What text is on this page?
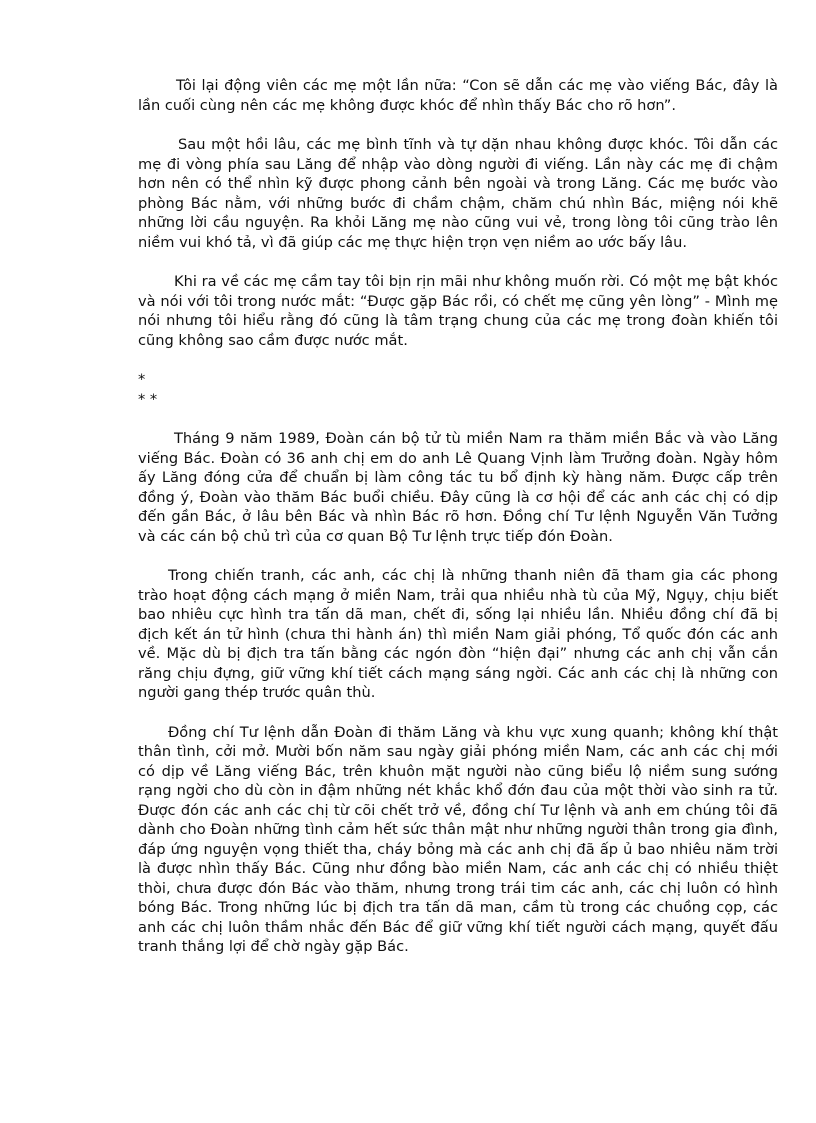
Tôi lại động viên các mẹ một lần nữa: “Con sẽ dẫn các mẹ vào viếng Bác, đây là lần cuối cùng nên các mẹ không được khóc để nhìn thấy Bác cho rõ hơn”.

Sau một hồi lâu, các mẹ bình tĩnh và tự dặn nhau không được khóc. Tôi dẫn các mẹ đi vòng phía sau Lăng để nhập vào dòng người đi viếng. Lần này các mẹ đi chậm hơn nên có thể nhìn kỹ được phong cảnh bên ngoài và trong Lăng. Các mẹ bước vào phòng Bác nằm, với những bước đi chầm chậm, chăm chú nhìn Bác, miệng nói khẽ những lời cầu nguyện. Ra khỏi Lăng mẹ nào cũng vui vẻ, trong lòng tôi cũng trào lên niềm vui khó tả, vì đã giúp các mẹ thực hiện trọn vẹn niềm ao ước bấy lâu.

Khi ra về các mẹ cầm tay tôi bịn rịn mãi như không muốn rời. Có một mẹ bật khóc và nói với tôi trong nước mắt: “Được gặp Bác rồi, có chết mẹ cũng yên lòng” - Mình mẹ nói nhưng tôi hiểu rằng đó cũng là tâm trạng chung của các mẹ trong đoàn khiến tôi cũng không sao cầm được nước mắt.

*
* *

Tháng 9 năm 1989, Đoàn cán bộ tử tù miền Nam ra thăm miền Bắc và vào Lăng viếng Bác. Đoàn có 36 anh chị em do anh Lê Quang Vịnh làm Trưởng đoàn. Ngày hôm ấy Lăng đóng cửa để chuẩn bị làm công tác tu bổ định kỳ hàng năm. Được cấp trên đồng ý, Đoàn vào thăm Bác buổi chiều. Đây cũng là cơ hội để các anh các chị có dịp đến gần Bác, ở lâu bên Bác và nhìn Bác rõ hơn. Đồng chí Tư lệnh Nguyễn Văn Tưởng và các cán bộ chủ trì của cơ quan Bộ Tư lệnh trực tiếp đón Đoàn.

Trong chiến tranh, các anh, các chị là những thanh niên đã tham gia các phong trào hoạt động cách mạng ở miền Nam, trải qua nhiều nhà tù của Mỹ, Ngụy, chịu biết bao nhiêu cực hình tra tấn dã man, chết đi, sống lại nhiều lần. Nhiều đồng chí đã bị địch kết án tử hình (chưa thi hành án) thì miền Nam giải phóng, Tổ quốc đón các anh về. Mặc dù bị địch tra tấn bằng các ngón đòn “hiện đại” nhưng các anh chị vẫn cắn răng chịu đựng, giữ vững khí tiết cách mạng sáng ngời. Các anh các chị là những con người gang thép trước quân thù.

Đồng chí Tư lệnh dẫn Đoàn đi thăm Lăng và khu vực xung quanh; không khí thật thân tình, cởi mở. Mười bốn năm sau ngày giải phóng miền Nam, các anh các chị mới có dịp về Lăng viếng Bác, trên khuôn mặt người nào cũng biểu lộ niềm sung sướng rạng ngời cho dù còn in đậm những nét khắc khổ đớn đau của một thời vào sinh ra tử. Được đón các anh các chị từ cõi chết trở về, đồng chí Tư lệnh và anh em chúng tôi đã dành cho Đoàn những tình cảm hết sức thân mật như những người thân trong gia đình, đáp ứng nguyện vọng thiết tha, cháy bỏng mà các anh chị đã ấp ủ bao nhiêu năm trời là được nhìn thấy Bác. Cũng như đồng bào miền Nam, các anh các chị có nhiều thiệt thòi, chưa được đón Bác vào thăm, nhưng trong trái tim các anh, các chị luôn có hình bóng Bác. Trong những lúc bị địch tra tấn dã man, cầm tù trong các chuồng cọp, các anh các chị luôn thầm nhắc đến Bác để giữ vững khí tiết người cách mạng, quyết đấu tranh thắng lợi để chờ ngày gặp Bác.
